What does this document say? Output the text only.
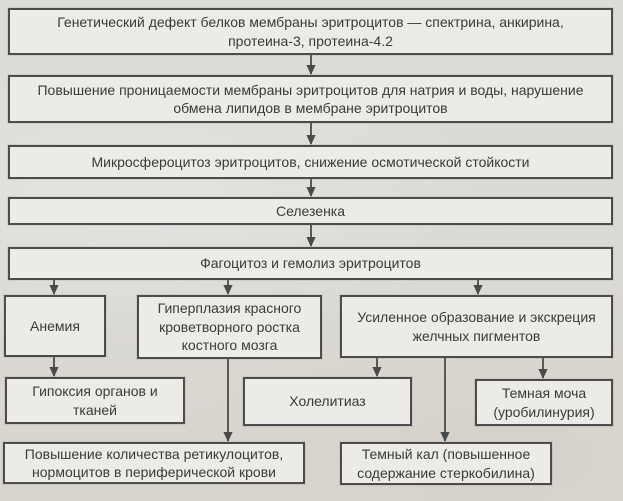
Генетический дефект белков мембраны эритроцитов — спектрина, анкирина, протеина-3, протеина-4.2
Повышение проницаемости мембраны эритроцитов для натрия и воды, нарушение обмена липидов в мембране эритроцитов
Микросфероцитоз эритроцитов, снижение осмотической стойкости
Селезенка
Фагоцитоз и гемолиз эритроцитов
Анемия
Гиперплазия красного кроветворного ростка костного мозга
Усиленное образование и экскреция желчных пигментов
Гипоксия органов и тканей
Холелитиаз
Темная моча (уробилинурия)
Повышение количества ретикулоцитов, нормоцитов в периферической крови
Темный кал (повышенное содержание стеркобилина)
